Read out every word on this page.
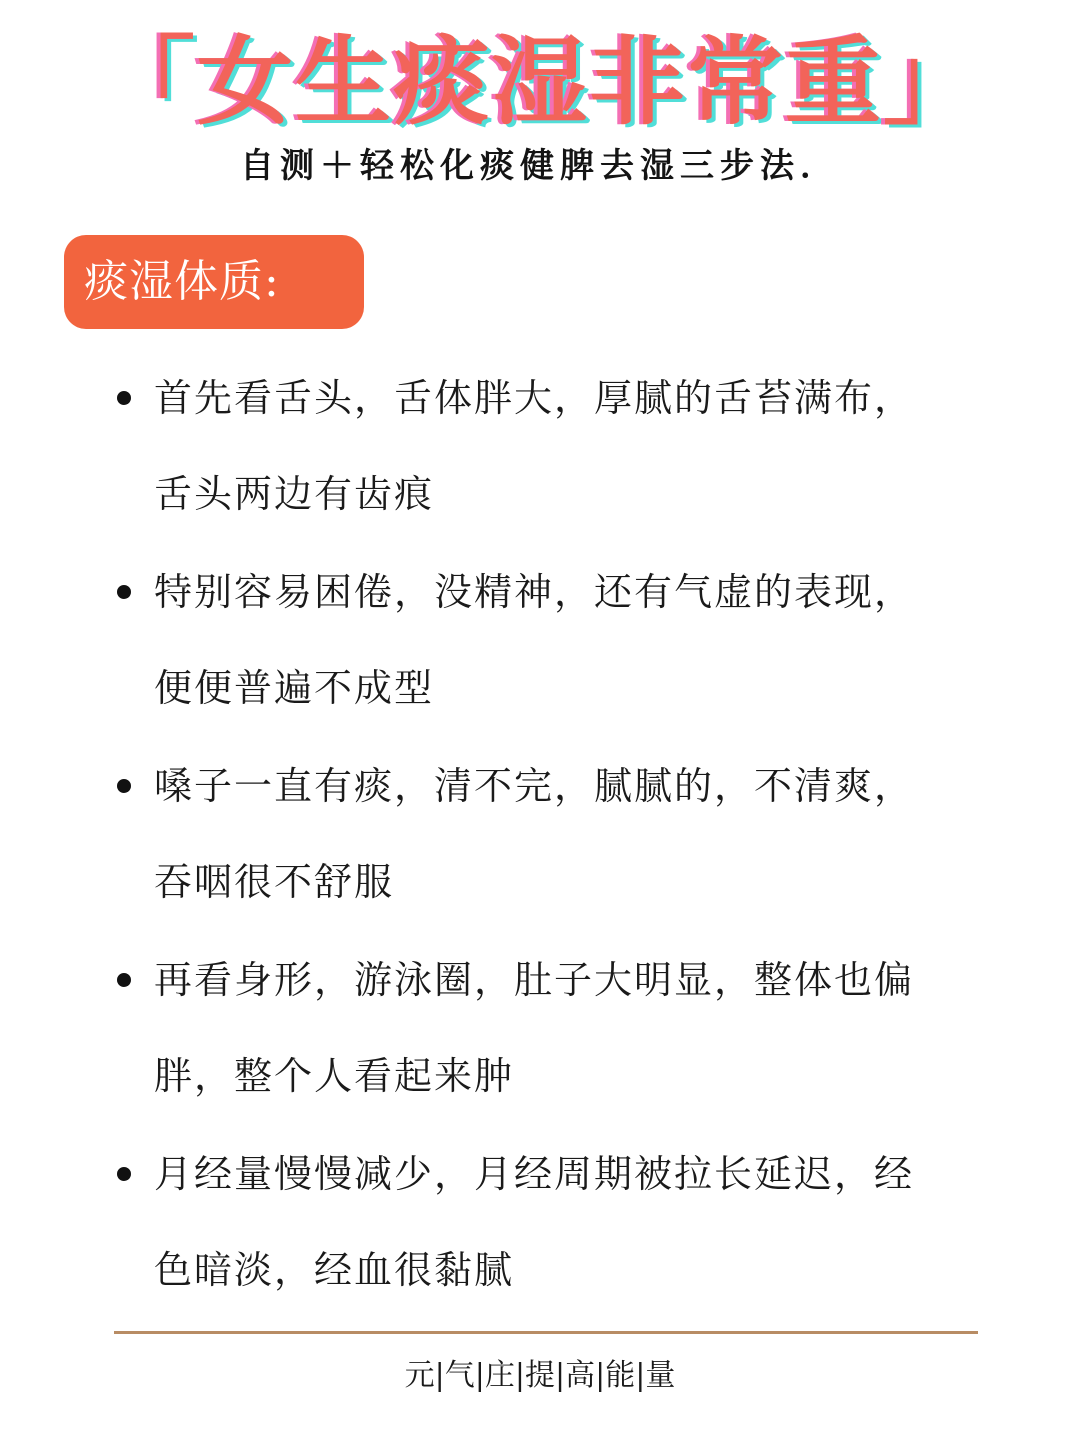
「女生痰湿非常重」
自测＋轻松化痰健脾去湿三步法．
痰湿体质:
首先看舌头，舌体胖大，厚腻的舌苔满布，
舌头两边有齿痕
特别容易困倦，没精神，还有气虚的表现，
便便普遍不成型
嗓子一直有痰，清不完，腻腻的，不清爽，
吞咽很不舒服
再看身形，游泳圈，肚子大明显，整体也偏
胖，整个人看起来肿
月经量慢慢减少，月经周期被拉长延迟，经
色暗淡，经血很黏腻
元|气|庄|提|高|能|量
